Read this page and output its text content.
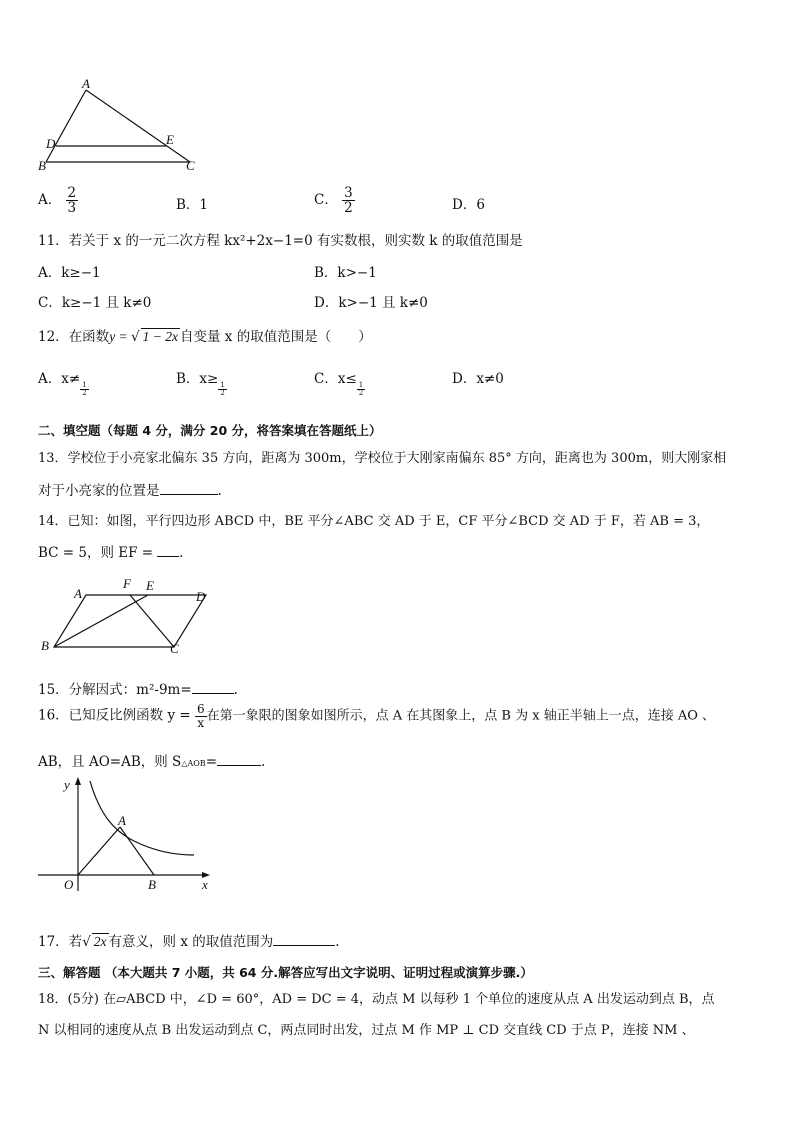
A
D	E
B	C
A． $\frac{2}{3}$	B．1	C． $\frac{3}{2}$	D．6
11．若关于 x 的一元二次方程 kx²+2x−1=0 有实数根，则实数 k 的取值范围是
A．k≥−1	B．k>−1
C．k≥−1 且 k≠0	D．k>−1 且 k≠0
12．在函数y = √ 1 − 2x 自变量 x 的取值范围是（　　）
A．x≠
$\frac{1}{2}$
B．x≥
$\frac{1}{2}$
C．x≤
$\frac{1}{2}$
D．x≠0
二、填空题（每题 4 分，满分 20 分，将答案填在答题纸上）
13．学校位于小亮家北偏东 35 方向，距离为 300m，学校位于大刚家南偏东 85° 方向，距离也为 300m，则大刚家相
对于小亮家的位置是	.
14．已知：如图，平行四边形 ABCD 中，BE 平分∠ABC 交 AD 于 E，CF 平分∠BCD 交 AD 于 F，若 AB = 3，
BC = 5，则 EF = .
A
F E
D
B	C
15．分解因式：m²-9m=	.
16．已知反比例函数 $y = \frac{6}{x}$ 在第一象限的图象如图所示，点 A 在其图象上，点 B 为 x 轴正半轴上一点，连接 AO 、
AB，且 AO=AB，则 S△AOB=	.
y
A
O	B	x
17．若√ 2x 有意义，则 x 的取值范围为	.
三、解答题 （本大题共 7 小题，共 64 分.解答应写出文字说明、证明过程或演算步骤.）
18．(5分) 在▱ABCD 中，∠D = 60°，AD = DC = 4，动点 M 以每秒 1 个单位的速度从点 A 出发运动到点 B，点
N 以相同的速度从点 B 出发运动到点 C，两点同时出发，过点 M 作 MP ⊥ CD 交直线 CD 于点 P，连接 NM 、
